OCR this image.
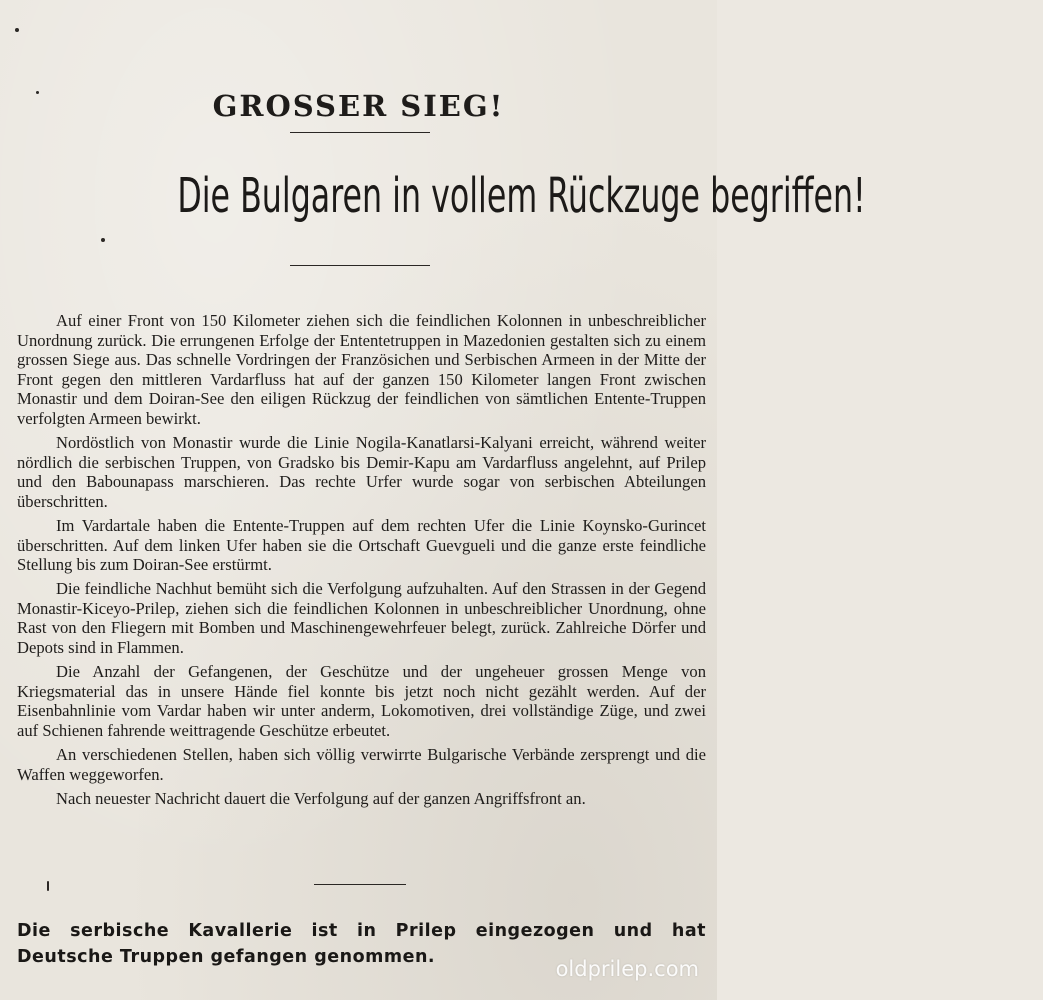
GROSSER SIEG!
Die Bulgaren in vollem Rückzuge begriffen!

Auf einer Front von 150 Kilometer ziehen sich die feindlichen Kolonnen in unbeschreiblicher Unordnung zurück. Die errungenen Erfolge der Ententetruppen in Mazedonien gestalten sich zu einem grossen Siege aus. Das schnelle Vordringen der Französichen und Serbischen Armeen in der Mitte der Front gegen den mittleren Vardarfluss hat auf der ganzen 150 Kilometer langen Front zwischen Monastir und dem Doiran-See den eiligen Rückzug der feindlichen von sämtlichen Entente-Truppen verfolgten Armeen bewirkt.

Nordöstlich von Monastir wurde die Linie Nogila-Kanatlarsi-Kalyani erreicht, während weiter nördlich die serbischen Truppen, von Gradsko bis Demir-Kapu am Vardarfluss angelehnt, auf Prilep und den Babounapass marschieren. Das rechte Urfer wurde sogar von serbischen Abteilungen überschritten.

Im Vardartale haben die Entente-Truppen auf dem rechten Ufer die Linie Koynsko-Gurincet überschritten. Auf dem linken Ufer haben sie die Ortschaft Guevgueli und die ganze erste feindliche Stellung bis zum Doiran-See erstürmt.

Die feindliche Nachhut bemüht sich die Verfolgung aufzuhalten. Auf den Strassen in der Gegend Monastir-Kiceyo-Prilep, ziehen sich die feindlichen Kolonnen in unbeschreiblicher Unordnung, ohne Rast von den Fliegern mit Bomben und Maschinengewehrfeuer belegt, zurück. Zahlreiche Dörfer und Depots sind in Flammen.

Die Anzahl der Gefangenen, der Geschütze und der ungeheuer grossen Menge von Kriegsmaterial das in unsere Hände fiel konnte bis jetzt noch nicht gezählt werden. Auf der Eisenbahnlinie vom Vardar haben wir unter anderm, Lokomotiven, drei vollständige Züge, und zwei auf Schienen fahrende weittragende Geschütze erbeutet.

An verschiedenen Stellen, haben sich völlig verwirrte Bulgarische Verbände zersprengt und die Waffen weggeworfen.

Nach neuester Nachricht dauert die Verfolgung auf der ganzen Angriffsfront an.

Die serbische Kavallerie ist in Prilep eingezogen und hat Deutsche Truppen gefangen genommen.	oldprilep.com
